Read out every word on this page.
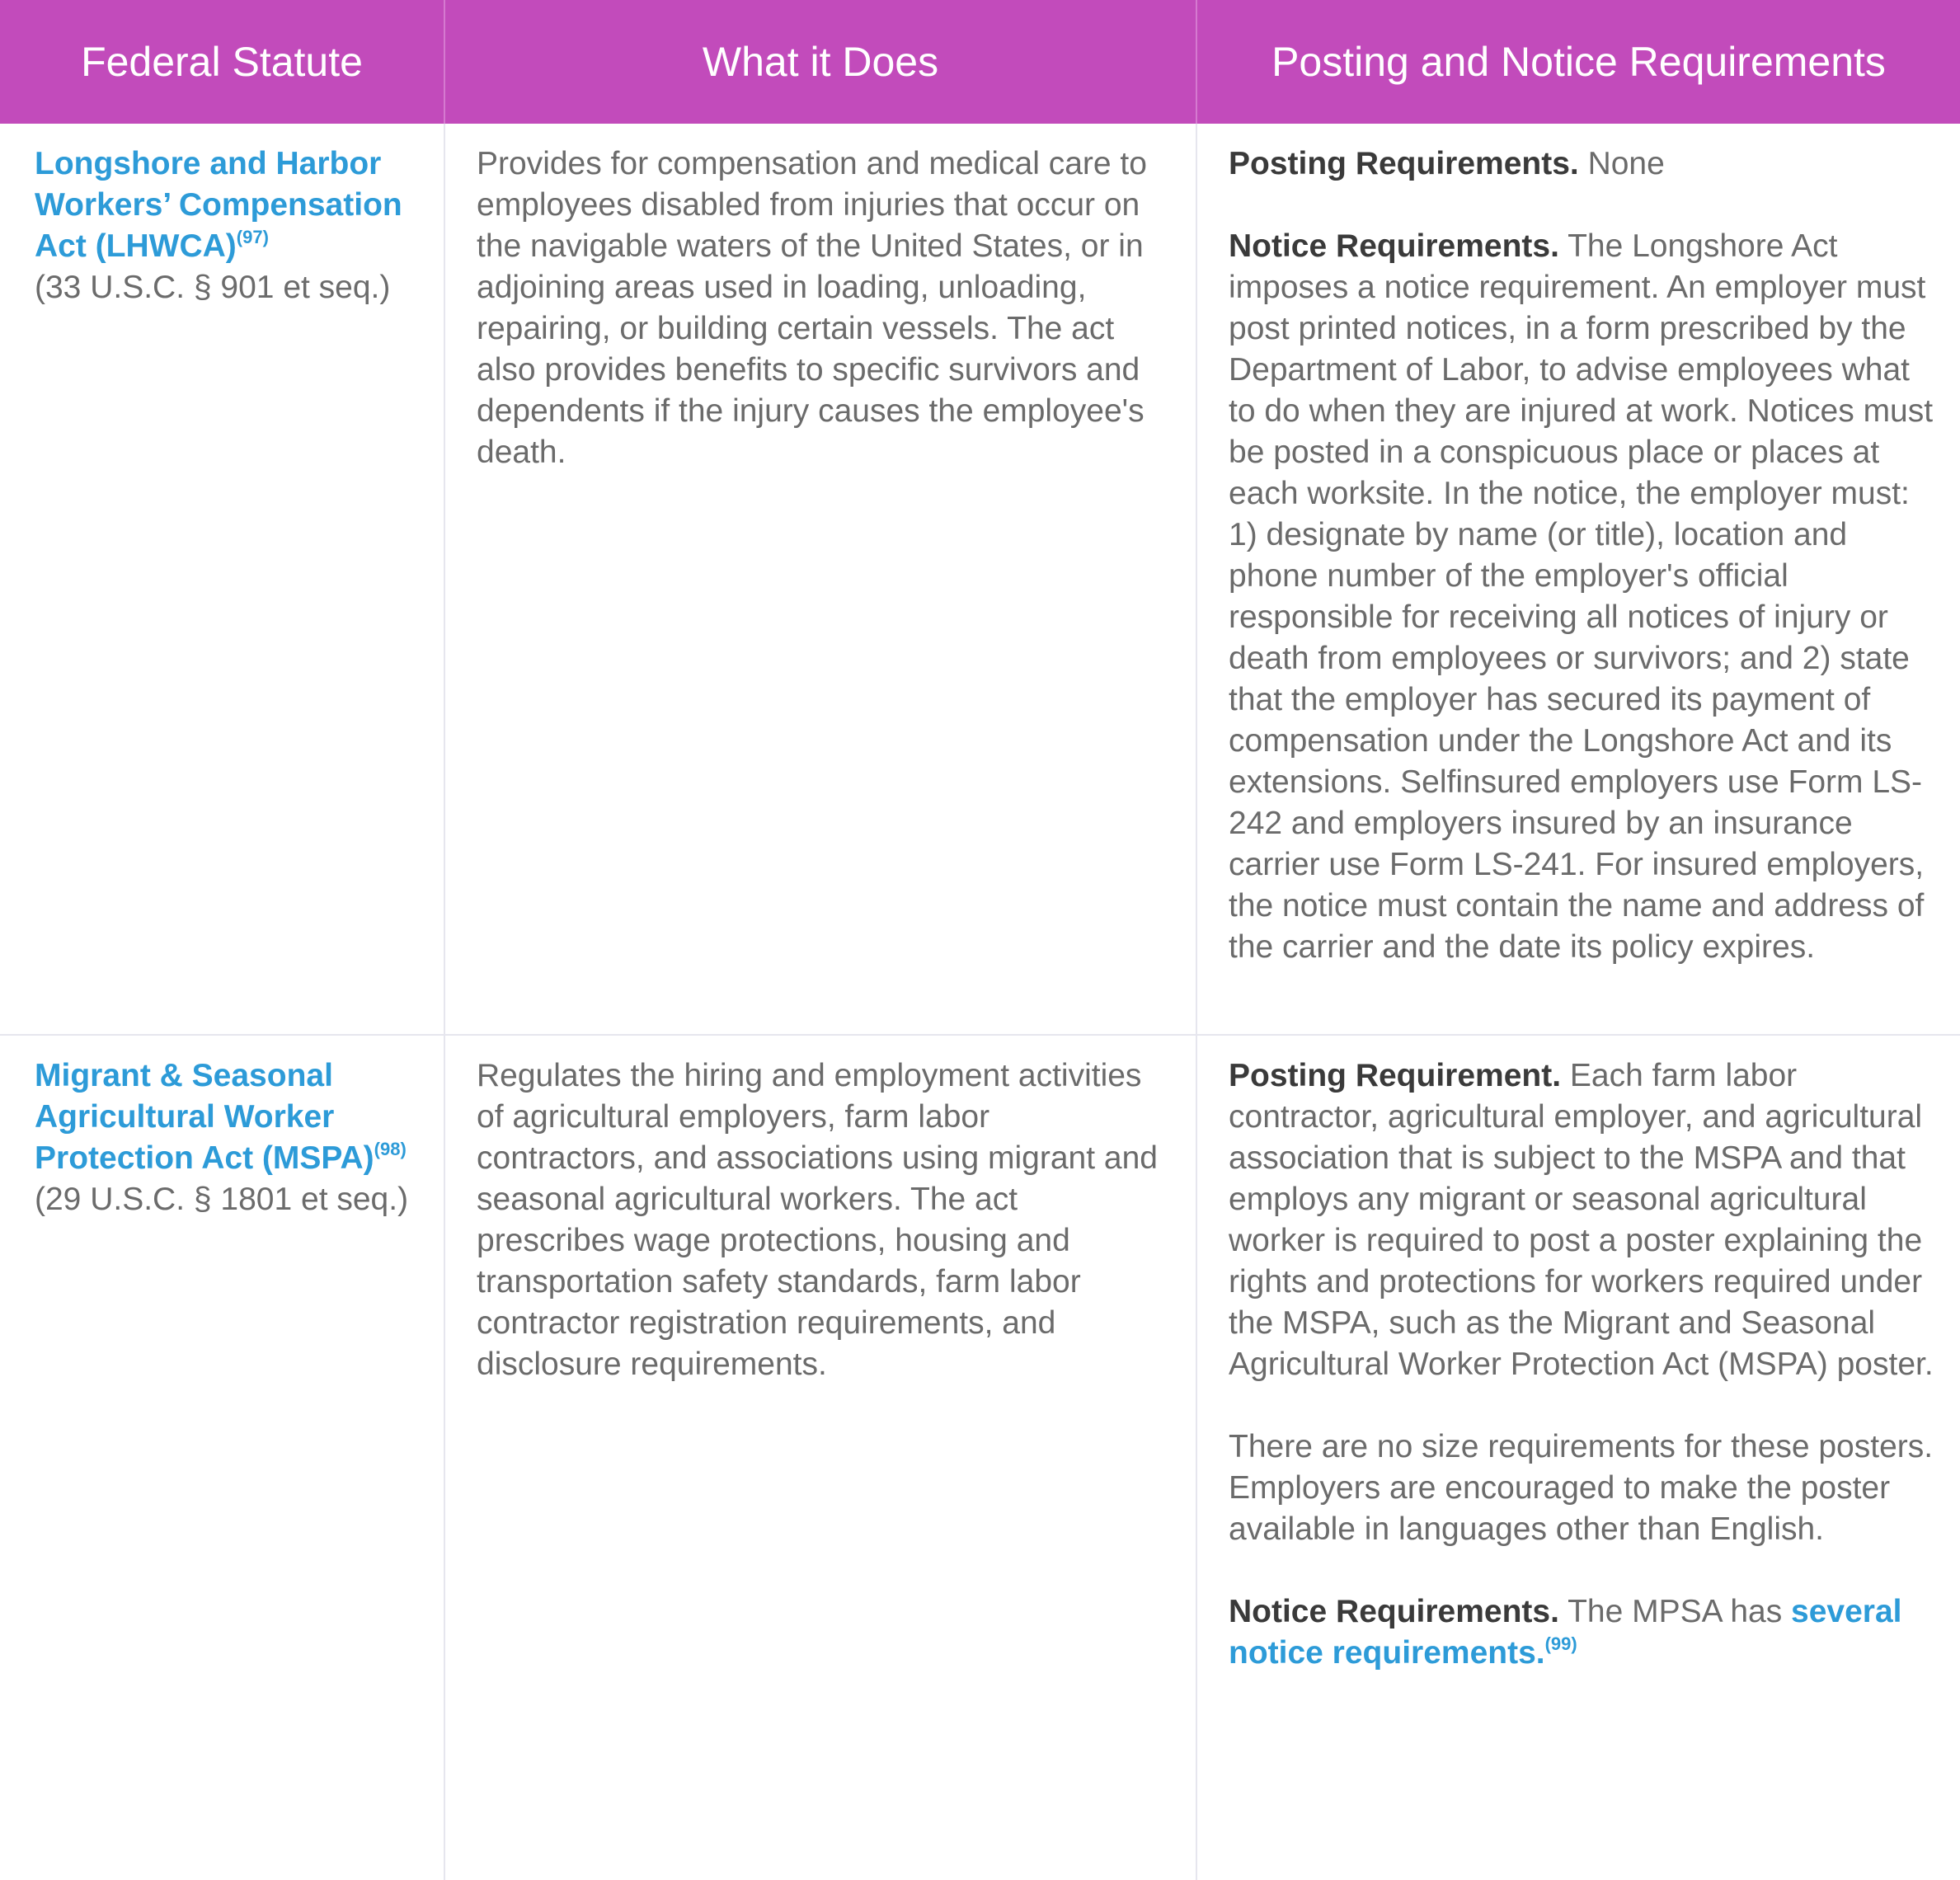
Federal Statute	What it Does	Posting and Notice Requirements

Longshore and Harbor Workers’ Compensation Act (LHWCA)$^{(97)}$

(33 U.S.C. § 901 et seq.)

Provides for compensation and medical care to employees disabled from injuries that occur on the navigable waters of the United States, or in adjoining areas used in loading, unloading, repairing, or building certain vessels. The act also provides benefits to specific survivors and dependents if the injury causes the employee's death.

Posting Requirements. None

Notice Requirements. The Longshore Act imposes a notice requirement. An employer must post printed notices, in a form prescribed by the Department of Labor, to advise employees what to do when they are injured at work. Notices must be posted in a conspicuous place or places at each worksite. In the notice, the employer must: 1) designate by name (or title), location and phone number of the employer's official responsible for receiving all notices of injury or death from employees or survivors; and 2) state that the employer has secured its payment of compensation under the Longshore Act and its extensions. Selfinsured employers use Form LS-242 and employers insured by an insurance carrier use Form LS-241. For insured employers, the notice must contain the name and address of the carrier and the date its policy expires.

Migrant & Seasonal Agricultural Worker Protection Act (MSPA)$^{(98)}$

(29 U.S.C. § 1801 et seq.)

Regulates the hiring and employment activities of agricultural employers, farm labor contractors, and associations using migrant and seasonal agricultural workers. The act prescribes wage protections, housing and transportation safety standards, farm labor contractor registration requirements, and disclosure requirements.

Posting Requirement. Each farm labor contractor, agricultural employer, and agricultural association that is subject to the MSPA and that employs any migrant or seasonal agricultural worker is required to post a poster explaining the rights and protections for workers required under the MSPA, such as the Migrant and Seasonal Agricultural Worker Protection Act (MSPA) poster.

There are no size requirements for these posters. Employers are encouraged to make the poster available in languages other than English.

Notice Requirements. The MPSA has several notice requirements.$^{(99)}$
